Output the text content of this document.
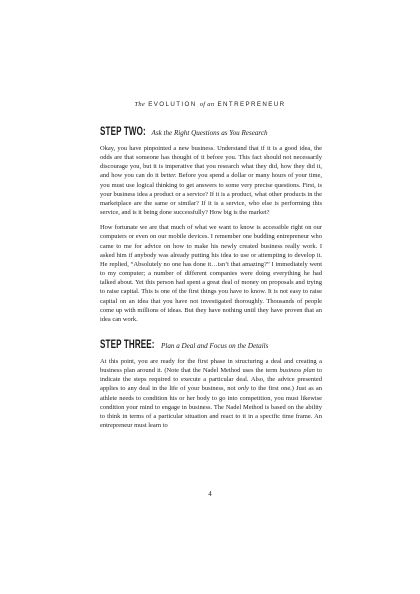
The EVOLUTION of an ENTREPRENEUR
STEP TWO: Ask the Right Questions as You Research

Okay, you have pinpointed a new business. Understand that if it is a good idea, the odds are that someone has thought of it before you. This fact should not necessarily discourage you, but it is imperative that you research what they did, how they did it, and how you can do it better. Before you spend a dollar or many hours of your time, you must use logical thinking to get answers to some very precise questions. First, is your business idea a product or a service? If it is a product, what other products in the marketplace are the same or similar? If it is a service, who else is performing this service, and is it being done successfully? How big is the market?

How fortunate we are that much of what we want to know is accessible right on our computers or even on our mobile devices. I remember one budding entrepreneur who came to me for advice on how to make his newly created business really work. I asked him if anybody was already putting his idea to use or attempting to develop it. He replied, “Absolutely no one has done it…isn’t that amazing?” I immediately went to my computer; a number of different companies were doing everything he had talked about. Yet this person had spent a great deal of money on proposals and trying to raise capital. This is one of the first things you have to know. It is not easy to raise capital on an idea that you have not investigated thoroughly. Thousands of people come up with millions of ideas. But they have nothing until they have proven that an idea can work.

STEP THREE: Plan a Deal and Focus on the Details

At this point, you are ready for the first phase in structuring a deal and creating a business plan around it. (Note that the Nadel Method uses the term business plan to indicate the steps required to execute a particular deal. Also, the advice presented applies to any deal in the life of your business, not only to the first one.) Just as an athlete needs to condition his or her body to go into competition, you must likewise condition your mind to engage in business. The Nadel Method is based on the ability to think in terms of a particular situation and react to it in a specific time frame. An entrepreneur must learn to

4
